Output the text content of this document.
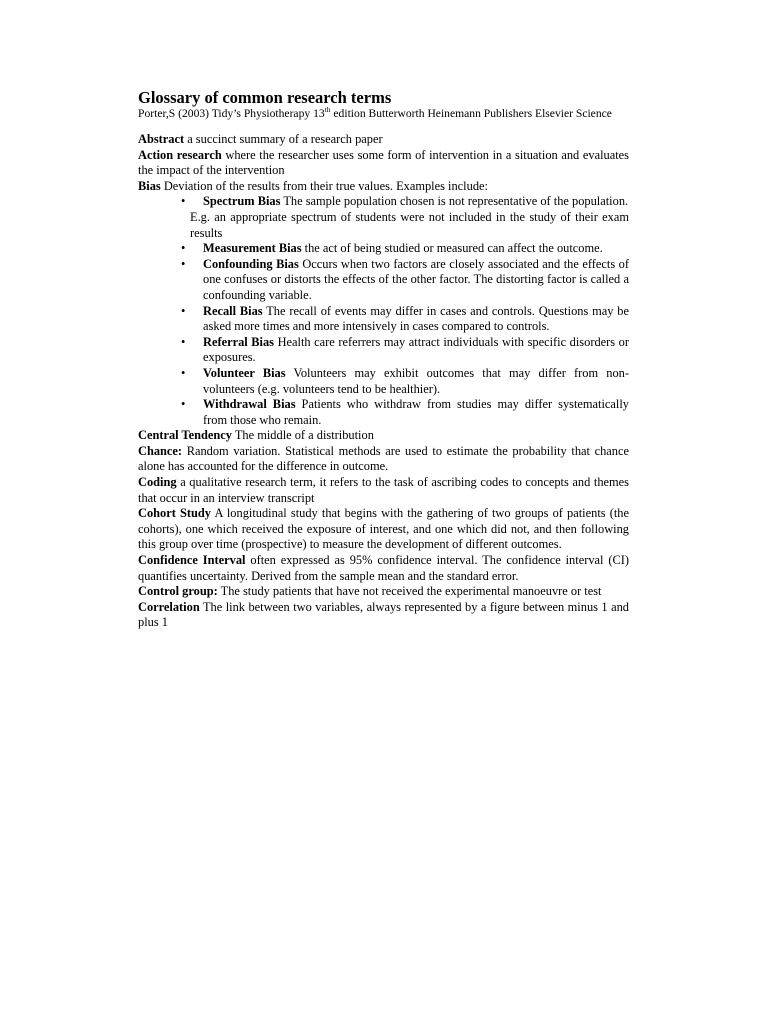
Glossary of common research terms

Porter,S (2003) Tidy’s Physiotherapy 13th edition Butterworth Heinemann Publishers Elsevier Science

Abstract a succinct summary of a research paper

Action research where the researcher uses some form of intervention in a situation and evaluates the impact of the intervention

Bias Deviation of the results from their true values. Examples include:

• Spectrum Bias The sample population chosen is not representative of the population.

E.g. an appropriate spectrum of students were not included in the study of their exam results

• Measurement Bias the act of being studied or measured can affect the outcome.
• Confounding Bias Occurs when two factors are closely associated and the effects of one confuses or distorts the effects of the other factor. The distorting factor is called a confounding variable.
• Recall Bias The recall of events may differ in cases and controls. Questions may be asked more times and more intensively in cases compared to controls.
• Referral Bias Health care referrers may attract individuals with specific disorders or exposures.
• Volunteer Bias Volunteers may exhibit outcomes that may differ from non-volunteers (e.g. volunteers tend to be healthier).
• Withdrawal Bias Patients who withdraw from studies may differ systematically from those who remain.

Central Tendency The middle of a distribution

Chance: Random variation. Statistical methods are used to estimate the probability that chance alone has accounted for the difference in outcome.

Coding a qualitative research term, it refers to the task of ascribing codes to concepts and themes that occur in an interview transcript

Cohort Study A longitudinal study that begins with the gathering of two groups of patients (the cohorts), one which received the exposure of interest, and one which did not, and then following this group over time (prospective) to measure the development of different outcomes.

Confidence Interval often expressed as 95% confidence interval. The confidence interval (CI) quantifies uncertainty. Derived from the sample mean and the standard error.

Control group: The study patients that have not received the experimental manoeuvre or test

Correlation The link between two variables, always represented by a figure between minus 1 and plus 1
